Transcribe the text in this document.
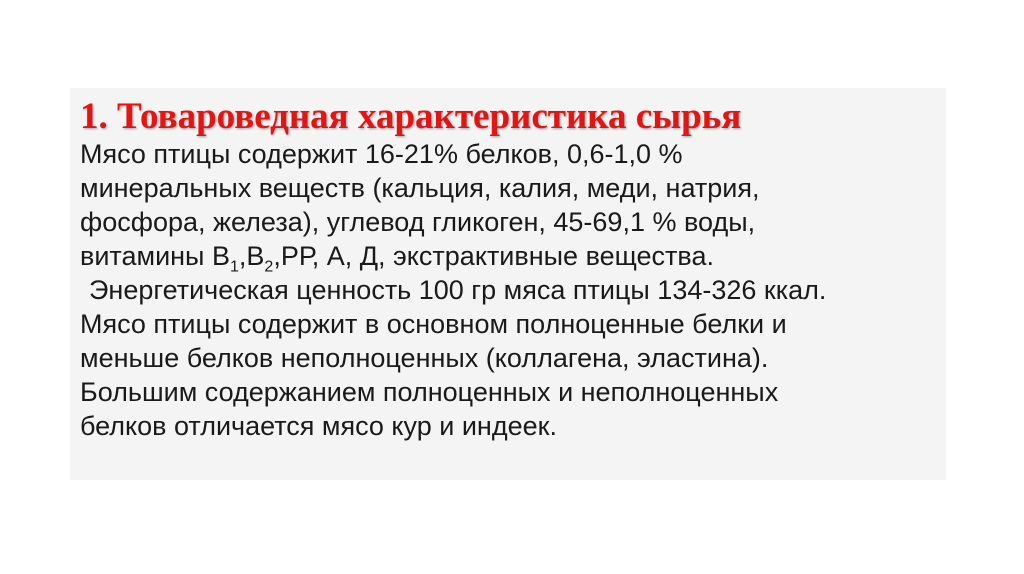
1. Товароведная характеристика сырья
Мясо птицы содержит 16-21% белков, 0,6-1,0 %
минеральных веществ (кальция, калия, меди, натрия,
фосфора, железа), углевод гликоген, 45-69,1 % воды,
витамины $В_1,В_2,РР$, А, Д, экстрактивные вещества.
Энергетическая ценность 100 гр мяса птицы 134-326 ккал.
Мясо птицы содержит в основном полноценные белки и
меньше белков неполноценных (коллагена, эластина).
Большим содержанием полноценных и неполноценных
белков отличается мясо кур и индеек.
